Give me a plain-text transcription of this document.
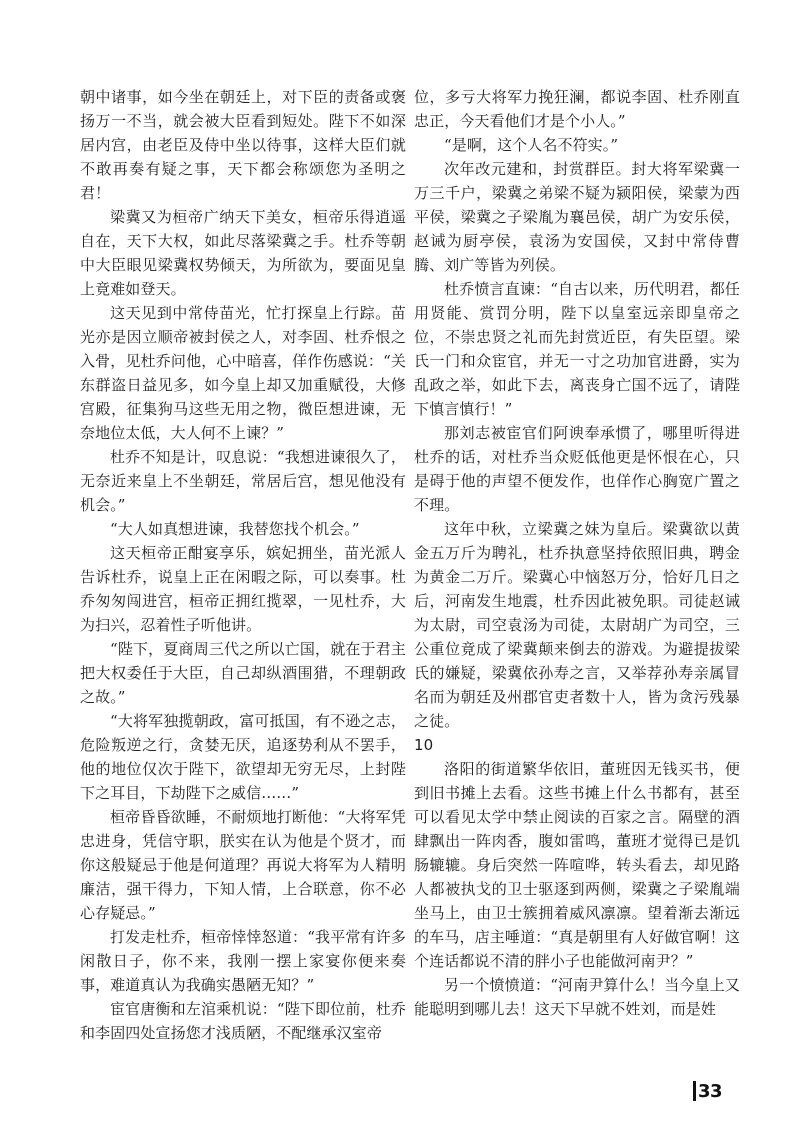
朝中诸事，如今坐在朝廷上，对下臣的责备或褒扬万一不当，就会被大臣看到短处。陛下不如深居内宫，由老臣及侍中坐以待事，这样大臣们就不敢再奏有疑之事，天下都会称颂您为圣明之君！

梁冀又为桓帝广纳天下美女，桓帝乐得逍遥自在，天下大权，如此尽落梁冀之手。杜乔等朝中大臣眼见梁冀权势倾天，为所欲为，要面见皇上竟难如登天。

这天见到中常侍苗光，忙打探皇上行踪。苗光亦是因立顺帝被封侯之人，对李固、杜乔恨之入骨，见杜乔问他，心中暗喜，佯作伤感说：“关东群盗日益见多，如今皇上却又加重赋役，大修宫殿，征集狗马这些无用之物，微臣想进谏，无奈地位太低，大人何不上谏？”

杜乔不知是计，叹息说：“我想进谏很久了，无奈近来皇上不坐朝廷，常居后宫，想见他没有机会。”

“大人如真想进谏，我替您找个机会。”

这天桓帝正酣宴享乐，嫔妃拥坐，苗光派人告诉杜乔，说皇上正在闲暇之际，可以奏事。杜乔匆匆闯进宫，桓帝正拥红揽翠，一见杜乔，大为扫兴，忍着性子听他讲。

“陛下，夏商周三代之所以亡国，就在于君主把大权委任于大臣，自己却纵酒围猎，不理朝政之故。”

“大将军独揽朝政，富可抵国，有不逊之志，危险叛逆之行，贪婪无厌，追逐势利从不罢手，他的地位仅次于陛下，欲望却无穷无尽，上封陛下之耳目，下劫陛下之威信……”

桓帝昏昏欲睡，不耐烦地打断他：“大将军凭忠进身，凭信守职，朕实在认为他是个贤才，而你这般疑忌于他是何道理？再说大将军为人精明廉洁，强干得力，下知人情，上合联意，你不必心存疑忌。”

打发走杜乔，桓帝悻悻怒道：“我平常有许多闲散日子，你不来，我刚一摆上家宴你便来奏事，难道真认为我确实愚陋无知？”

宦官唐衡和左涫乘机说：“陛下即位前，杜乔和李固四处宣扬您才浅质陋，不配继承汉室帝

位，多亏大将军力挽狂澜，都说李固、杜乔刚直忠正，今天看他们才是个小人。”

“是啊，这个人名不符实。”

次年改元建和，封赏群臣。封大将军梁冀一万三千户，梁冀之弟梁不疑为颍阳侯，梁蒙为西平侯，梁冀之子梁胤为襄邑侯，胡广为安乐侯，赵诫为厨亭侯，袁汤为安国侯，又封中常侍曹腾、刘广等皆为列侯。

杜乔愤言直谏：“自古以来，历代明君，都任用贤能、赏罚分明，陛下以皇室远亲即皇帝之位，不崇忠贤之礼而先封赏近臣，有失臣望。梁氏一门和众宦官，并无一寸之功加官进爵，实为乱政之举，如此下去，离丧身亡国不远了，请陛下慎言慎行！”

那刘志被宦官们阿谀奉承惯了，哪里听得进杜乔的话，对杜乔当众贬低他更是怀恨在心，只是碍于他的声望不便发作，也佯作心胸宽广置之不理。

这年中秋，立梁冀之妹为皇后。梁冀欲以黄金五万斤为聘礼，杜乔执意坚持依照旧典，聘金为黄金二万斤。梁冀心中恼怒万分，恰好几日之后，河南发生地震，杜乔因此被免职。司徒赵诫为太尉，司空袁汤为司徒，太尉胡广为司空，三公重位竟成了梁冀颠来倒去的游戏。为避提拔梁氏的嫌疑，梁冀依孙寿之言，又举荐孙寿亲属冒名而为朝廷及州郡官吏者数十人，皆为贪污残暴之徒。

10

洛阳的街道繁华依旧，董班因无钱买书，便到旧书摊上去看。这些书摊上什么书都有，甚至可以看见太学中禁止阅读的百家之言。隔壁的酒肆飘出一阵肉香，腹如雷鸣，董班才觉得已是饥肠辘辘。身后突然一阵喧哗，转头看去，却见路人都被执戈的卫士驱逐到两侧，梁冀之子梁胤端坐马上，由卫士簇拥着威风凛凛。望着渐去渐远的车马，店主唾道：“真是朝里有人好做官啊！这个连话都说不清的胖小子也能做河南尹？”

另一个愤愤道：“河南尹算什么！当今皇上又能聪明到哪儿去！这天下早就不姓刘，而是姓

33
